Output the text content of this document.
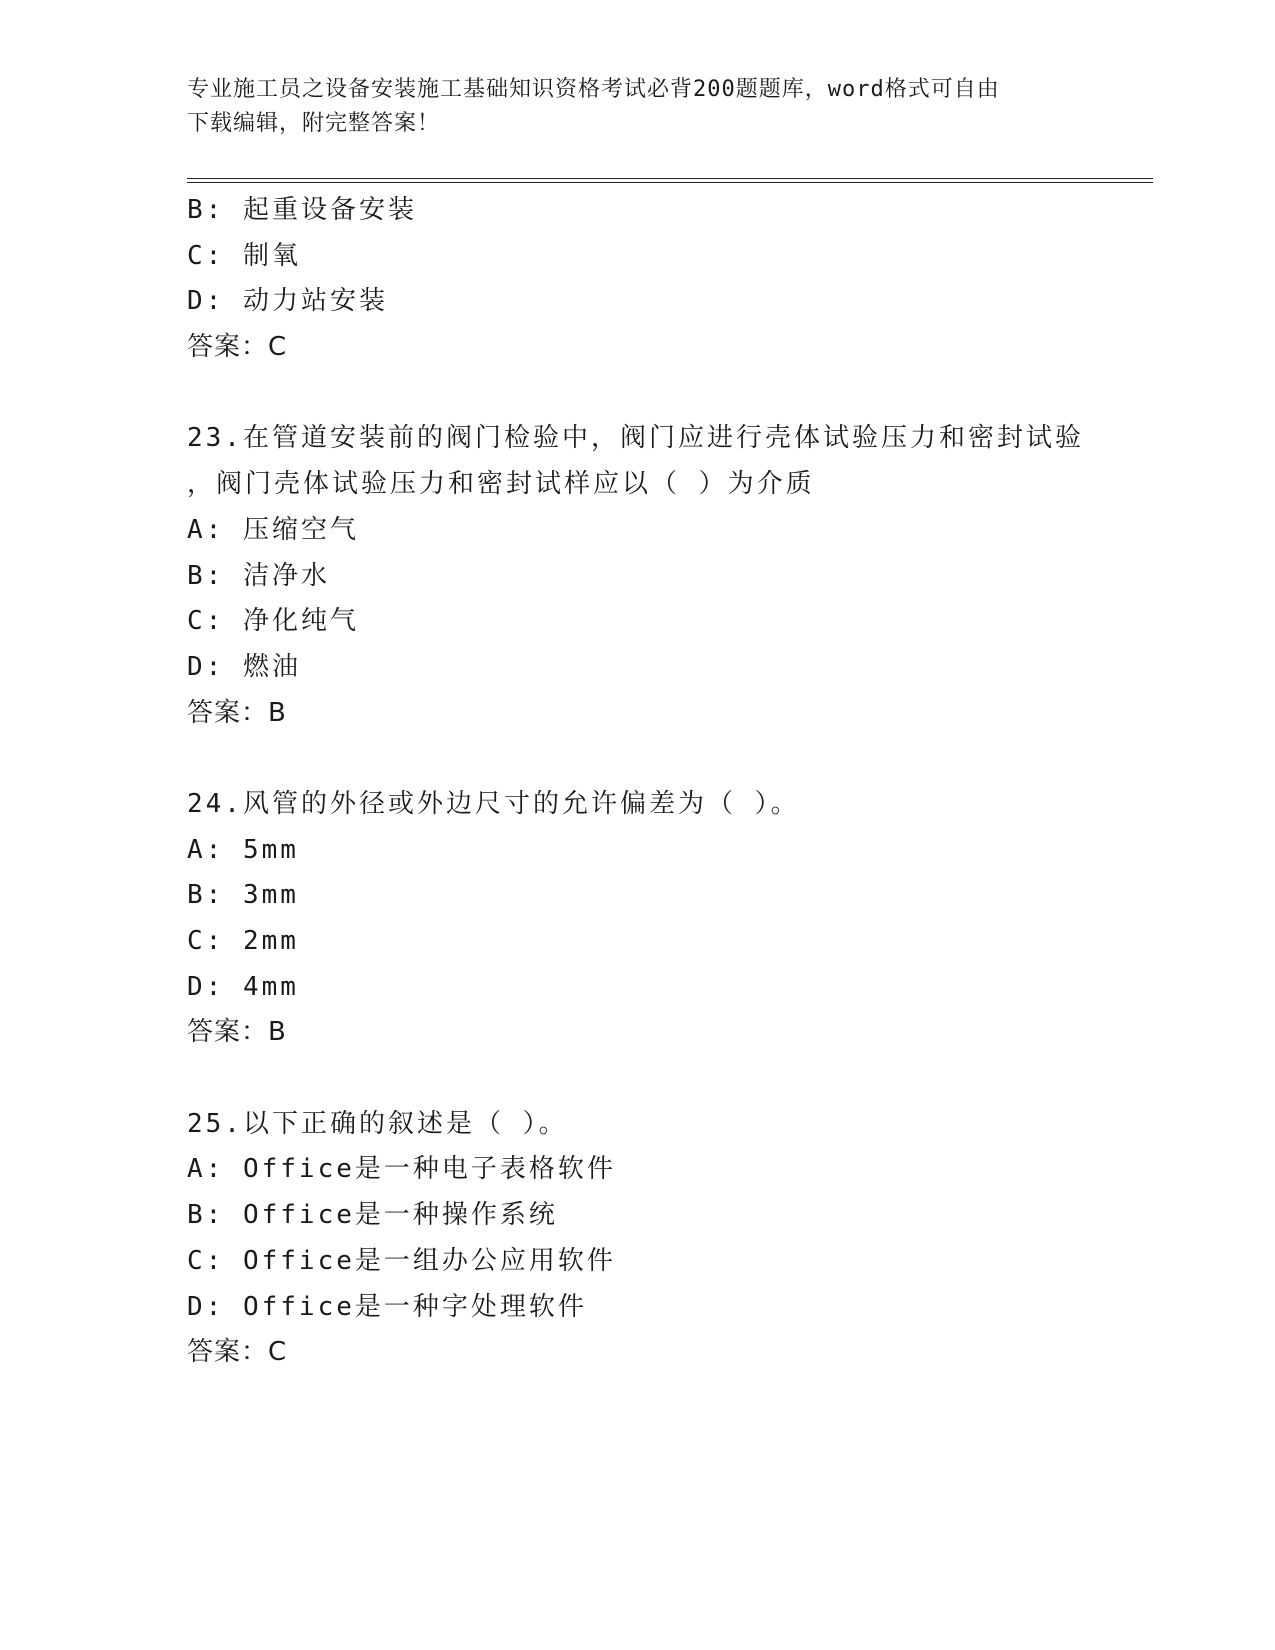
专业施工员之设备安装施工基础知识资格考试必背200题题库，word格式可自由
下载编辑，附完整答案！
B: 起重设备安装
C: 制氧
D: 动力站安装
答案：C
23.在管道安装前的阀门检验中，阀门应进行壳体试验压力和密封试验
，阀门壳体试验压力和密封试样应以（ ）为介质
A: 压缩空气
B: 洁净水
C: 净化纯气
D: 燃油
答案：B
24.风管的外径或外边尺寸的允许偏差为（ ）。
A: 5mm
B: 3mm
C: 2mm
D: 4mm
答案：B
25.以下正确的叙述是（ ）。
A: Office是一种电子表格软件
B: Office是一种操作系统
C: Office是一组办公应用软件
D: Office是一种字处理软件
答案：C
